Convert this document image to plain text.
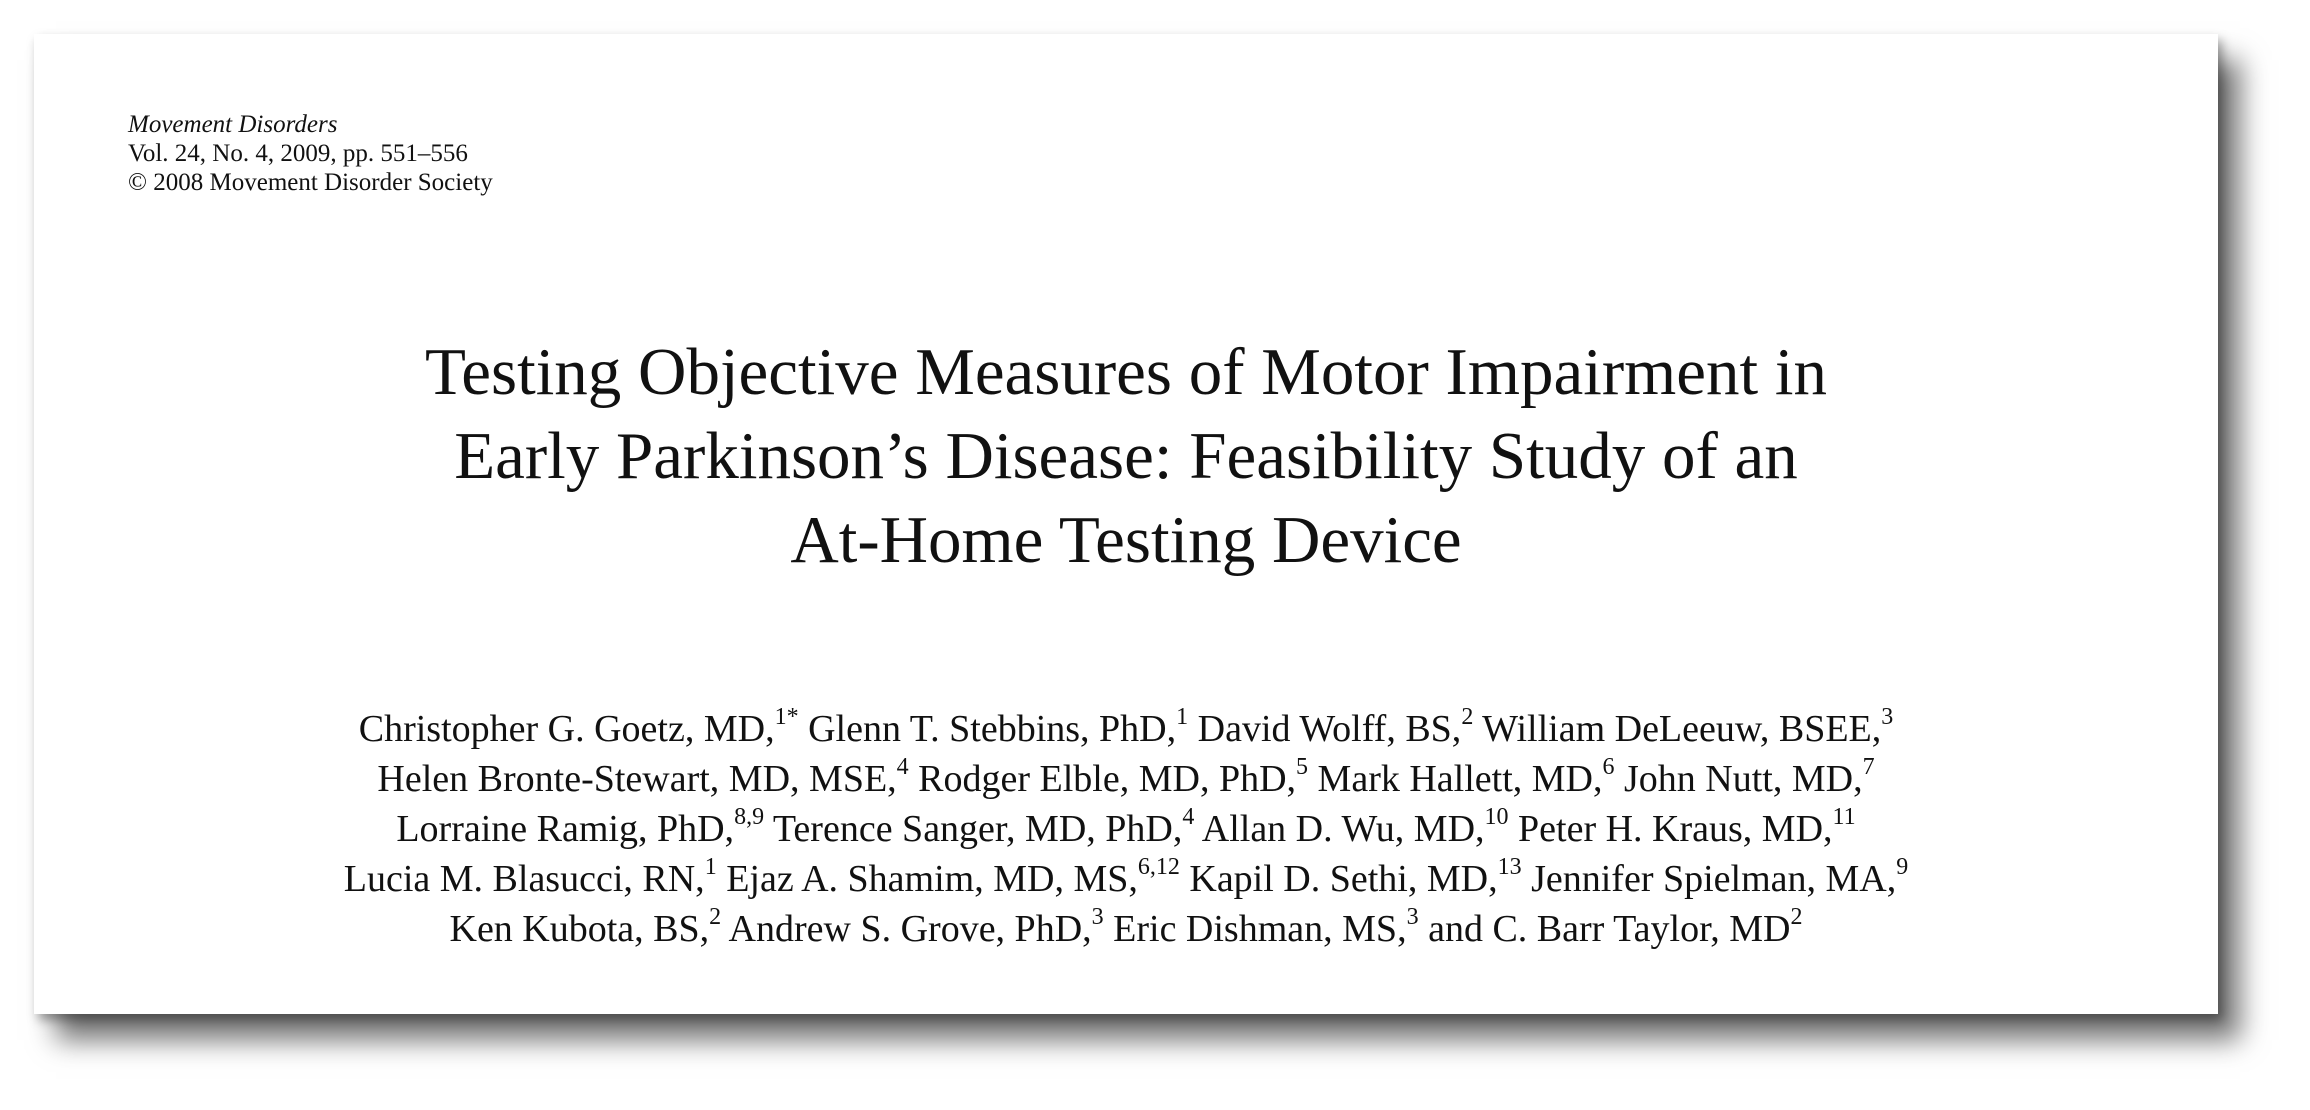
Movement Disorders
Vol. 24, No. 4, 2009, pp. 551–556
© 2008 Movement Disorder Society
Testing Objective Measures of Motor Impairment in
Early Parkinson’s Disease: Feasibility Study of an
At-Home Testing Device
Christopher G. Goetz, MD,$^{1*}$ Glenn T. Stebbins, PhD,$^1$ David Wolff, BS,$^2$ William DeLeeuw, BSEE,$^3$
Helen Bronte-Stewart, MD, MSE,$^4$ Rodger Elble, MD, PhD,$^5$ Mark Hallett, MD,$^6$ John Nutt, MD,$^7$
Lorraine Ramig, PhD,$^{8,9}$ Terence Sanger, MD, PhD,$^4$ Allan D. Wu, MD,$^{10}$ Peter H. Kraus, MD,$^{11}$
Lucia M. Blasucci, RN,$^1$ Ejaz A. Shamim, MD, MS,$^{6,12}$ Kapil D. Sethi, MD,$^{13}$ Jennifer Spielman, MA,$^9$
Ken Kubota, BS,$^2$ Andrew S. Grove, PhD,$^3$ Eric Dishman, MS,$^3$ and C. Barr Taylor, $MD^2$
